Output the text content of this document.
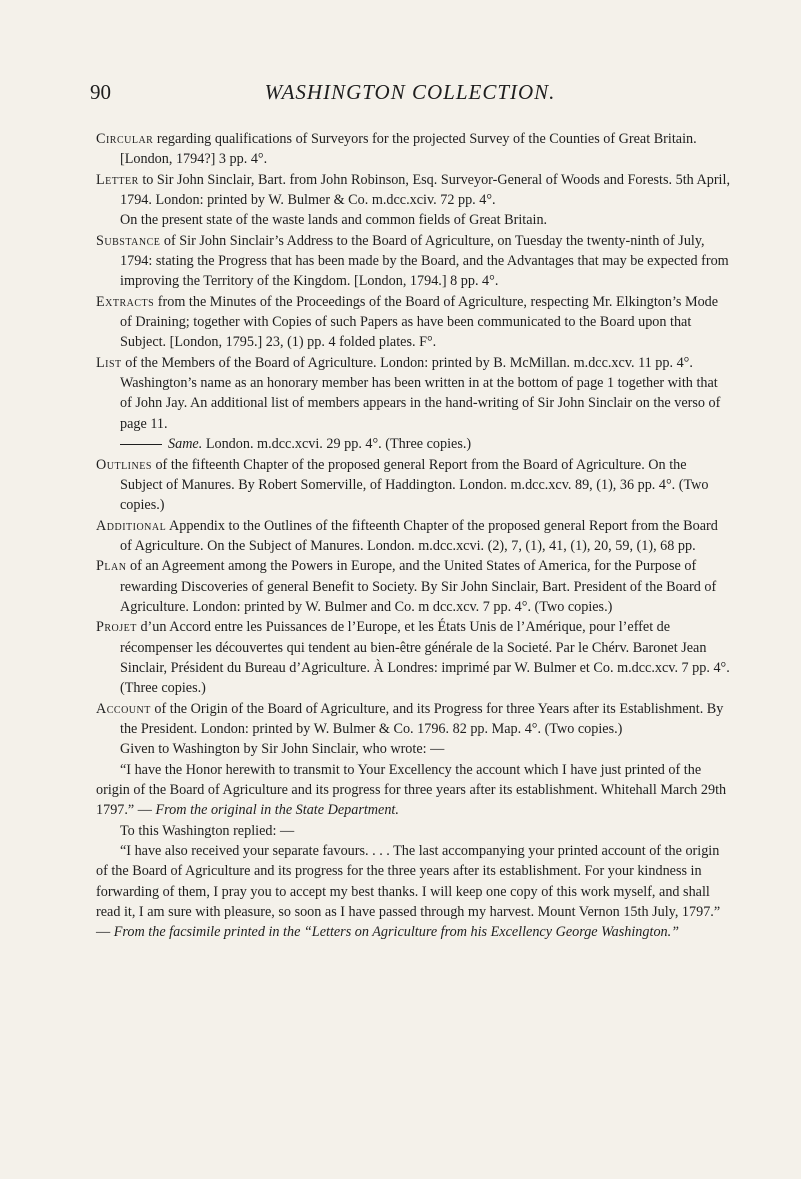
90	WASHINGTON COLLECTION.

Circular regarding qualifications of Surveyors for the projected Survey of the Counties of Great Britain. [London, 1794?] 3 pp. 4°.

Letter to Sir John Sinclair, Bart. from John Robinson, Esq. Surveyor-General of Woods and Forests. 5th April, 1794. London: printed by W. Bulmer & Co. m.dcc.xciv. 72 pp. 4°.

On the present state of the waste lands and common fields of Great Britain.

Substance of Sir John Sinclair’s Address to the Board of Agriculture, on Tuesday the twenty-ninth of July, 1794: stating the Progress that has been made by the Board, and the Advantages that may be expected from improving the Territory of the Kingdom. [London, 1794.] 8 pp. 4°.

Extracts from the Minutes of the Proceedings of the Board of Agriculture, respecting Mr. Elkington’s Mode of Draining; together with Copies of such Papers as have been communicated to the Board upon that Subject. [London, 1795.] 23, (1) pp. 4 folded plates. F°.

List of the Members of the Board of Agriculture. London: printed by B. McMillan. m.dcc.xcv. 11 pp. 4°.

Washington’s name as an honorary member has been written in at the bottom of page 1 together with that of John Jay. An additional list of members appears in the hand-writing of Sir John Sinclair on the verso of page 11.

Same. London. m.dcc.xcvi. 29 pp. 4°. (Three copies.)

Outlines of the fifteenth Chapter of the proposed general Report from the Board of Agriculture. On the Subject of Manures. By Robert Somerville, of Haddington. London. m.dcc.xcv. 89, (1), 36 pp. 4°. (Two copies.)

Additional Appendix to the Outlines of the fifteenth Chapter of the proposed general Report from the Board of Agriculture. On the Subject of Manures. London. m.dcc.xcvi. (2), 7, (1), 41, (1), 20, 59, (1), 68 pp.

Plan of an Agreement among the Powers in Europe, and the United States of America, for the Purpose of rewarding Discoveries of general Benefit to Society. By Sir John Sinclair, Bart. President of the Board of Agriculture. London: printed by W. Bulmer and Co. m dcc.xcv. 7 pp. 4°. (Two copies.)

Projet d’un Accord entre les Puissances de l’Europe, et les États Unis de l’Amérique, pour l’effet de récompenser les découvertes qui tendent au bien-être générale de la Societé. Par le Chérv. Baronet Jean Sinclair, Président du Bureau d’Agriculture. À Londres: imprimé par W. Bulmer et Co. m.dcc.xcv. 7 pp. 4°. (Three copies.)

Account of the Origin of the Board of Agriculture, and its Progress for three Years after its Establishment. By the President. London: printed by W. Bulmer & Co. 1796. 82 pp. Map. 4°. (Two copies.)

Given to Washington by Sir John Sinclair, who wrote: —

“I have the Honor herewith to transmit to Your Excellency the account which I have just printed of the origin of the Board of Agriculture and its progress for three years after its establishment. Whitehall March 29th 1797.” — From the original in the State Department.

To this Washington replied: —

“I have also received your separate favours. . . . The last accompanying your printed account of the origin of the Board of Agriculture and its progress for the three years after its establishment. For your kindness in forwarding of them, I pray you to accept my best thanks. I will keep one copy of this work myself, and shall read it, I am sure with pleasure, so soon as I have passed through my harvest. Mount Vernon 15th July, 1797.” — From the facsimile printed in the “Letters on Agriculture from his Excellency George Washington.”
